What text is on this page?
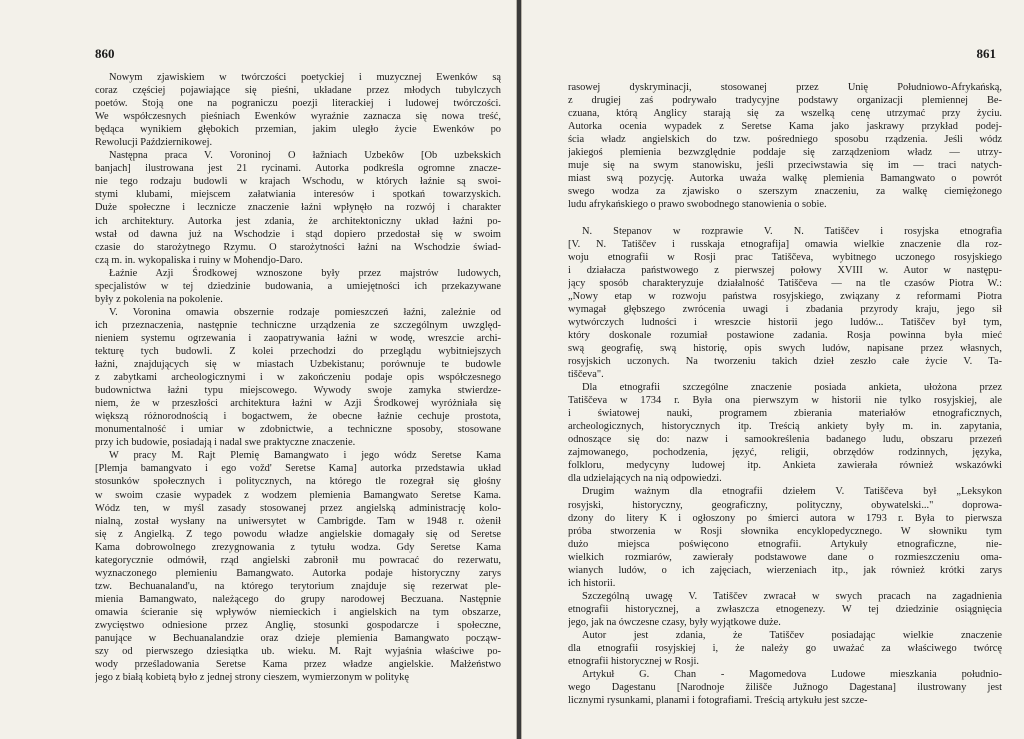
860
Nowym zjawiskiem w twórczości poetyckiej i muzycznej Ewenków są
coraz częściej pojawiające się pieśni, układane przez młodych tubylczych
poetów. Stoją one na pograniczu poezji literackiej i ludowej twórczości.
We współczesnych pieśniach Ewenków wyraźnie zaznacza się nowa treść,
będąca wynikiem głębokich przemian, jakim uległo życie Ewenków po
Rewolucji Październikowej.
Następna praca V. Voroninoj O łažniach Uzbekôw [Ob uzbekskich
banjach] ilustrowana jest 21 rycinami. Autorka podkreśla ogromne znacze-
nie tego rodzaju budowli w krajach Wschodu, w których łaźnie są swoi-
stymi klubami, miejscem załatwiania interesów i spotkań towarzyskich.
Duże społeczne i lecznicze znaczenie łaźni wpłynęło na rozwój i charakter
ich architektury. Autorka jest zdania, że architektoniczny układ łaźni po-
wstał od dawna już na Wschodzie i stąd dopiero przedostał się w swoim
czasie do starożytnego Rzymu. O starożytności łaźni na Wschodzie świad-
czą m. in. wykopaliska i ruiny w Mohendjo-Daro.
Łaźnie Azji Środkowej wznoszone były przez majstrów ludowych,
specjalistów w tej dziedzinie budowania, a umiejętności ich przekazywane
były z pokolenia na pokolenie.
V. Voronina omawia obszernie rodzaje pomieszczeń łaźni, zależnie od
ich przeznaczenia, następnie techniczne urządzenia ze szczególnym uwzględ-
nieniem systemu ogrzewania i zaopatrywania łaźni w wodę, wreszcie archi-
tekturę tych budowli. Z kolei przechodzi do przeglądu wybitniejszych
łaźni, znajdujących się w miastach Uzbekistanu; porównuje te budowle
z zabytkami archeologicznymi i w zakończeniu podaje opis współczesnego
budownictwa łaźni typu miejscowego. Wywody swoje zamyka stwierdze-
niem, że w przeszłości architektura łaźni w Azji Środkowej wyróżniała się
większą różnorodnością i bogactwem, że obecne łaźnie cechuje prostota,
monumentalność i umiar w zdobnictwie, a techniczne sposoby, stosowane
przy ich budowie, posiadają i nadal swe praktyczne znaczenie.
W pracy M. Rajt Plemię Bamangwato i jego wódz Seretse Kama
[Plemja bamangvato i ego vožd' Seretse Kama] autorka przedstawia układ
stosunków społecznych i politycznych, na którego tle rozegrał się głośny
w swoim czasie wypadek z wodzem plemienia Bamangwato Seretse Kama.
Wódz ten, w myśl zasady stosowanej przez angielską administrację kolo-
nialną, został wysłany na uniwersytet w Cambrigde. Tam w 1948 r. ożenił
się z Angielką. Z tego powodu władze angielskie domagały się od Seretse
Kama dobrowolnego zrezygnowania z tytułu wodza. Gdy Seretse Kama
kategorycznie odmówił, rząd angielski zabronił mu powracać do rezerwatu,
wyznaczonego plemieniu Bamangwato. Autorka podaje historyczny zarys
tzw. Bechuanaland'u, na którego terytorium znajduje się rezerwat ple-
mienia Bamangwato, należącego do grupy narodowej Beczuana. Następnie
omawia ścieranie się wpływów niemieckich i angielskich na tym obszarze,
zwycięstwo odniesione przez Anglię, stosunki gospodarcze i społeczne,
panujące w Bechuanalandzie oraz dzieje plemienia Bamangwato począw-
szy od pierwszego dziesiątka ub. wieku. M. Rajt wyjaśnia właściwe po-
wody prześladowania Seretse Kama przez władze angielskie. Małżeństwo
jego z białą kobietą było z jednej strony cieszem, wymierzonym w politykę
861
rasowej dyskryminacji, stosowanej przez Unię Południowo-Afrykańską,
z drugiej zaś podrywało tradycyjne podstawy organizacji plemiennej Be-
czuana, którą Anglicy starają się za wszelką cenę utrzymać przy życiu.
Autorka ocenia wypadek z Seretse Kama jako jaskrawy przykład podej-
ścia władz angielskich do tzw. pośredniego sposobu rządzenia. Jeśli wódz
jakiegoś plemienia bezwzględnie poddaje się zarządzeniom władz — utrzy-
muje się na swym stanowisku, jeśli przeciwstawia się im — traci natych-
miast swą pozycję. Autorka uważa walkę plemienia Bamangwato o powrót
swego wodza za zjawisko o szerszym znaczeniu, za walkę ciemiężonego
ludu afrykańskiego o prawo swobodnego stanowienia o sobie.

N. Stepanov w rozprawie V. N. Tatiščev i rosyjska etnografia
[V. N. Tatiščev i russkaja etnografija] omawia wielkie znaczenie dla roz-
woju etnografii w Rosji prac Tatiščeva, wybitnego uczonego rosyjskiego
i działacza państwowego z pierwszej połowy XVIII w. Autor w następu-
jący sposób charakteryzuje działalność Tatiščeva — na tle czasów Piotra W.:
„Nowy etap w rozwoju państwa rosyjskiego, związany z reformami Piotra
wymagał głębszego zwrócenia uwagi i zbadania przyrody kraju, jego sił
wytwórczych ludności i wreszcie historii jego ludów... Tatiščev był tym,
który doskonale rozumiał postawione zadania. Rosja powinna była mieć
swą geografię, swą historię, opis swych ludów, napisane przez własnych,
rosyjskich uczonych. Na tworzeniu takich dzieł zeszło całe życie V. Ta-
tiščeva".
Dla etnografii szczególne znaczenie posiada ankieta, ułożona przez
Tatiščeva w 1734 r. Była ona pierwszym w historii nie tylko rosyjskiej, ale
i światowej nauki, programem zbierania materiałów etnograficznych,
archeologicznych, historycznych itp. Treścią ankiety były m. in. zapytania,
odnoszące się do: nazw i samookreślenia badanego ludu, obszaru przezeń
zajmowanego, pochodzenia, języć, religii, obrzędów rodzinnych, języka,
folkloru, medycyny ludowej itp. Ankieta zawierała również wskazówki
dla udzielających na nią odpowiedzi.
Drugim ważnym dla etnografii dziełem V. Tatiščeva był „Leksykon
rosyjski, historyczny, geograficzny, polityczny, obywatelski..." doprowa-
dzony do litery K i ogłoszony po śmierci autora w 1793 r. Była to pierwsza
próba stworzenia w Rosji słownika encyklopedycznego. W słowniku tym
dużo miejsca poświęcono etnografii. Artykuły etnograficzne, nie-
wielkich rozmiarów, zawierały podstawowe dane o rozmieszczeniu oma-
wianych ludów, o ich zajęciach, wierzeniach itp., jak również krótki zarys
ich historii.
Szczególną uwagę V. Tatiščev zwracał w swych pracach na zagadnienia
etnografii historycznej, a zwłaszcza etnogenezy. W tej dziedzinie osiągnięcia
jego, jak na ówczesne czasy, były wyjątkowe duże.
Autor jest zdania, że Tatiščev posiadając wielkie znaczenie
dla etnografii rosyjskiej i, że należy go uważać za właściwego twórcę
etnografii historycznej w Rosji.
Artykuł G. Chan - Magomedova Ludowe mieszkania południo-
wego Dagestanu [Narodnoje žilišče Južnogo Dagestana] ilustrowany jest
licznymi rysunkami, planami i fotografiami. Treścią artykułu jest szcze-
